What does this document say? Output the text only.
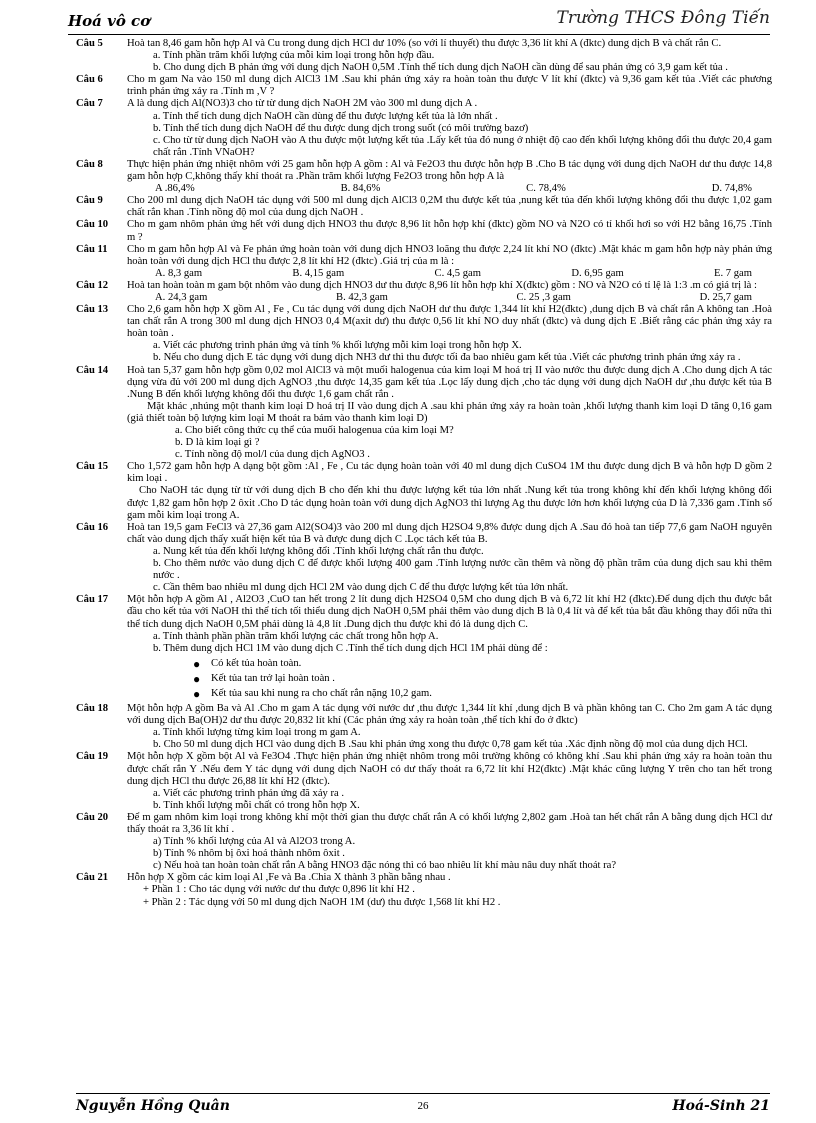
Hoá vô cơ	Trường THCS Đông Tiến
Câu 5	Hoà tan 8,46 gam hỗn hợp Al và Cu trong dung dịch HCl dư 10% (so với lí thuyết) thu được 3,36 lít khí A (đktc) dung dịch B và chất rắn C.

a. Tính phần trăm khối lượng của mỗi kim loại trong hỗn hợp đầu.

b. Cho dung dịch B phản ứng với dung dịch NaOH 0,5M .Tính thể tích dung dịch NaOH cần dùng để sau phản ứng có 3,9 gam kết tủa .

Câu 6	Cho m gam Na vào 150 ml dung dịch AlCl3 1M .Sau khi phản ứng xảy ra hoàn toàn thu được V lít khí (đktc) và 9,36 gam kết tủa .Viết các phương trình phản ứng xảy ra .Tính m ,V ?

Câu 7	A là dung dịch Al(NO3)3 cho từ từ dung dịch NaOH 2M vào 300 ml dung dịch A .

a. Tính thể tích dung dịch NaOH cần dùng để thu được lượng kết tủa là lớn nhất .

b. Tính thể tích dung dịch NaOH để thu được dung dịch trong suốt (có môi trường bazơ)

c. Cho từ từ dung dịch NaOH vào A thu được một lượng kết tủa .Lấy kết tủa đó nung ở nhiệt độ cao đến khối lượng không đổi thu được 20,4 gam chất rắn .Tính VNaOH?

Câu 8	Thực hiện phản ứng nhiệt nhôm với 25 gam hỗn hợp A gồm : Al và Fe2O3 thu được hỗn hợp B .Cho B tác dụng với dung dịch NaOH dư thu được 14,8 gam hỗn hợp C,không thấy khí thoát ra .Phần trăm khối lượng Fe2O3 trong hỗn hợp A là

A .86,4%	B. 84,6%	C. 78,4%	D. 74,8%
Câu 9	Cho 200 ml dung dịch NaOH tác dụng với 500 ml dung dịch AlCl3 0,2M thu được kết tủa ,nung kết tủa đến khối lượng không đổi thu được 1,02 gam chất rắn khan .Tính nồng độ mol của dung dịch NaOH .

Câu 10	Cho m gam nhôm phản ứng hết với dung dịch HNO3 thu được 8,96 lít hỗn hợp khí (đktc) gồm NO và N2O có tỉ khối hơi so với H2 bằng 16,75 .Tính m ?

Câu 11	Cho m gam hỗn hợp Al và Fe phản ứng hoàn toàn với dung dịch HNO3 loãng thu được 2,24 lít khí NO (đktc) .Mặt khác m gam hỗn hợp này phản ứng hoàn toàn với dung dịch HCl thu được 2,8 lít khí H2 (đktc) .Giá trị của m là :

A. 8,3 gam	B. 4,15 gam	C. 4,5 gam	D. 6,95 gam	E. 7 gam
Câu 12	Hoà tan hoàn toàn m gam bột nhôm vào dung dịch HNO3 dư thu được 8,96 lít hỗn hợp khí X(đktc) gồm : NO và N2O có tỉ lệ là 1:3 .m có giá trị là :

A. 24,3 gam	B. 42,3 gam	C. 25 ,3 gam	D. 25,7 gam
Câu 13	Cho 2,6 gam hỗn hợp X gồm Al , Fe , Cu tác dụng với dung dịch NaOH dư thu được 1,344 lít khí H2(đktc) ,dung dịch B và chất rắn A không tan .Hoà tan chất rắn A trong 300 ml dung dịch HNO3 0,4 M(axit dư) thu được 0,56 lít khí NO duy nhất (đktc) và dung dịch E .Biết rằng các phản ứng xảy ra hoàn toàn .

a. Viết các phương trình phản ứng và tính % khối lượng mỗi kim loại trong hỗn hợp X.

b. Nếu cho dung dịch E tác dụng với dung dịch NH3 dư thì thu được tối đa bao nhiêu gam kết tủa .Viết các phương trình phản ứng xảy ra .

Câu 14	Hoà tan 5,37 gam hỗn hợp gồm 0,02 mol AlCl3 và một muối halogenua của kim loại M hoá trị II vào nước thu được dung dịch A .Cho dung dịch A tác dụng vừa đủ với 200 ml dung dịch AgNO3 ,thu được 14,35 gam kết tủa .Lọc lấy dung dịch ,cho tác dụng với dung dịch NaOH dư ,thu được kết tủa B .Nung B đến khối lượng không đổi thu được 1,6 gam chất rắn .

Mặt khác ,nhúng một thanh kim loại D hoá trị II vào dung dịch A .sau khi phản ứng xảy ra hoàn toàn ,khối lượng thanh kim loại D tăng 0,16 gam (giả thiết toàn bộ lượng kim loại M thoát ra bám vào thanh kim loại D)

a. Cho biết công thức cụ thể của muối halogenua của kim loại M?

b. D là kim loại gì ?

c. Tính nồng độ mol/l của dung dịch AgNO3 .

Câu 15	Cho 1,572 gam hỗn hợp A dạng bột gồm :Al , Fe , Cu tác dụng hoàn toàn với 40 ml dung dịch CuSO4 1M thu được dung dịch B và hỗn hợp D gồm 2 kim loại .

Cho NaOH tác dụng từ từ với dung dịch B cho đến khi thu được lượng kết tủa lớn nhất .Nung kết tủa trong không khí đến khối lượng không đổi được 1,82 gam hỗn hợp 2 ôxit .Cho D tác dụng hoàn toàn với dung dịch AgNO3 thì lượng Ag thu được lớn hơn khối lượng của D là 7,336 gam .Tính số gam mỗi kim loại trong A.

Câu 16	Hoà tan 19,5 gam FeCl3 và 27,36 gam Al2(SO4)3 vào 200 ml dung dịch H2SO4 9,8% được dung dịch A .Sau đó hoà tan tiếp 77,6 gam NaOH nguyên chất vào dung dịch thấy xuất hiện kết tủa B và được dung dịch C .Lọc tách kết tủa B.

a. Nung kết tủa đến khối lượng không đổi .Tính khối lượng chất rắn thu được.

b. Cho thêm nước vào dung dịch C để được khối lượng 400 gam .Tính lượng nước cần thêm và nồng độ phần trăm của dung dịch sau khi thêm nước .

c. Cần thêm bao nhiêu ml dung dịch HCl 2M vào dung dịch C để thu được lượng kết tủa lớn nhất.

Câu 17	Một hỗn hợp A gồm Al , Al2O3 ,CuO tan hết trong 2 lít dung dịch H2SO4 0,5M cho dung dịch B và 6,72 lít khí H2 (đktc).Để dung dịch thu được bắt đầu cho kết tủa với NaOH thì thể tích tối thiểu dung dịch NaOH 0,5M phải thêm vào dung dịch B là 0,4 lít và để kết tủa bắt đầu không thay đổi nữa thì thể tích dung dịch NaOH 0,5M phải dùng là 4,8 lít .Dung dịch thu được khi đó là dung dịch C.

a. Tính thành phần phần trăm khối lượng các chất trong hỗn hợp A.

b. Thêm dung dịch HCl 1M vào dung dịch C .Tính thể tích dung dịch HCl 1M phải dùng để :

●	Có kết tủa hoàn toàn.
●	Kết tủa tan trở lại hoàn toàn .
●	Kết tủa sau khi nung ra cho chất rắn nặng 10,2 gam.
Câu 18	Một hỗn hợp A gồm Ba và Al .Cho m gam A tác dụng với nước dư ,thu được 1,344 lít khí ,dung dịch B và phần không tan C. Cho 2m gam A tác dụng với dung dịch Ba(OH)2 dư thu được 20,832 lít khí (Các phản ứng xảy ra hoàn toàn ,thể tích khí đo ở đktc)

a. Tính khối lượng từng kim loại trong m gam A.

b. Cho 50 ml dung dịch HCl vào dung dịch B .Sau khi phản ứng xong thu được 0,78 gam kết tủa .Xác định nồng độ mol của dung dịch HCl.

Câu 19	Một hỗn hợp X gồm bột Al và Fe3O4 .Thực hiện phản ứng nhiệt nhôm trong môi trường không có không khí .Sau khi phản ứng xảy ra hoàn toàn thu được chất rắn Y .Nếu đem Y tác dụng với dung dịch NaOH có dư thấy thoát ra 6,72 lít khí H2(đktc) .Mặt khác cũng lượng Y trên cho tan hết trong dung dịch HCl thu được 26,88 lít khí H2 (đktc).

a. Viết các phương trình phản ứng đã xảy ra .

b. Tính khối lượng mỗi chất có trong hỗn hợp X.

Câu 20	Để m gam nhôm kim loại trong không khí một thời gian thu được chất rắn A có khối lượng 2,802 gam .Hoà tan hết chất rắn A bằng dung dịch HCl dư thấy thoát ra 3,36 lít khí .

a) Tính % khối lượng của Al và Al2O3 trong A.

b) Tính % nhôm bị ôxi hoá thành nhôm ôxit .

c) Nếu hoà tan hoàn toàn chất rắn A bằng HNO3 đặc nóng thì có bao nhiêu lít khí màu nâu duy nhất thoát ra?

Câu 21	Hỗn hợp X gồm các kim loại Al ,Fe và Ba .Chia X thành 3 phần bằng nhau .

+ Phần 1 : Cho tác dụng với nước dư thu được 0,896 lít khí H2 .

+ Phần 2 : Tác dụng với 50 ml dung dịch NaOH 1M (dư) thu được 1,568 lít khí H2 .

Nguyễn Hồng Quân	26	Hoá-Sinh 21
